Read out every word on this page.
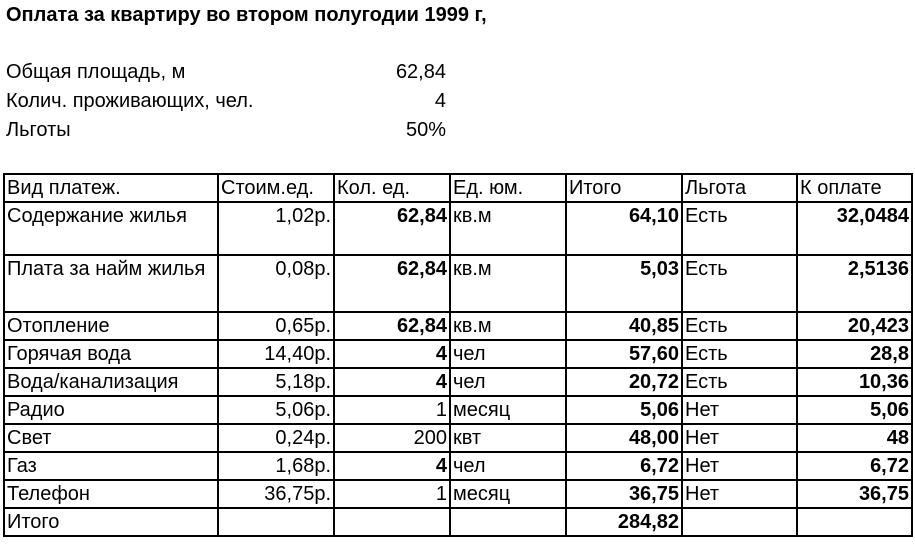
Оплата за квартиру во втором полугодии 1999 г,
Общая площадь, м	62,84
Колич. проживающих, чел.	4
Льготы	50%
Вид платеж.	Стоим.ед.	Кол. ед.	Ед. юм.	Итого	Льгота	К оплате
Содержание жилья	1,02р.	62,84	кв.м	64,10	Есть	32,0484
Плата за найм жилья	0,08р.	62,84	кв.м	5,03	Есть	2,5136
Отопление	0,65р.	62,84	кв.м	40,85	Есть	20,423
Горячая вода	14,40р.	4	чел	57,60	Есть	28,8
Вода/канализация	5,18р.	4	чел	20,72	Есть	10,36
Радио	5,06р.	1	месяц	5,06	Нет	5,06
Свет	0,24р.	200	квт	48,00	Нет	48
Газ	1,68р.	4	чел	6,72	Нет	6,72
Телефон	36,75р.	1	месяц	36,75	Нет	36,75
Итого				284,82		
